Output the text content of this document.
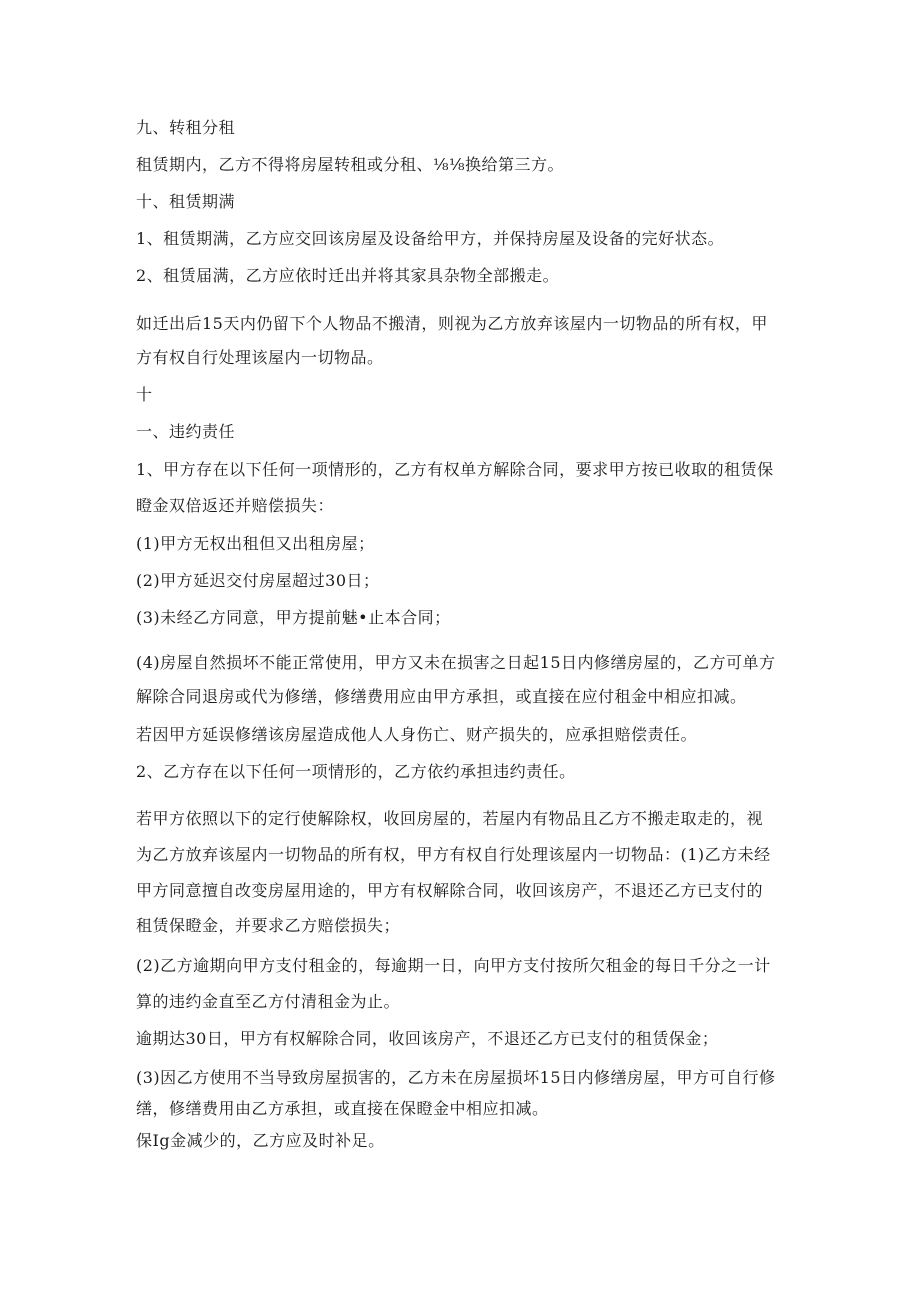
九、转租分租
租赁期内，乙方不得将房屋转租或分租、⅛⅛换给第三方。
十、租赁期满
1、租赁期满，乙方应交回该房屋及设备给甲方，并保持房屋及设备的完好状态。
2、租赁届满，乙方应依时迁出并将其家具杂物全部搬走。
如迁出后15天内仍留下个人物品不搬清，则视为乙方放弃该屋内一切物品的所有权，甲
方有权自行处理该屋内一切物品。
十
一、违约责任
1、甲方存在以下任何一项情形的，乙方有权单方解除合同，要求甲方按已收取的租赁保
瞪金双倍返还并赔偿损失：
(1)甲方无权出租但又出租房屋；
(2)甲方延迟交付房屋超过30日；
(3)未经乙方同意，甲方提前魅•止本合同；
(4)房屋自然损坏不能正常使用，甲方又未在损害之日起15日内修缮房屋的，乙方可单方
解除合同退房或代为修缮，修缮费用应由甲方承担，或直接在应付租金中相应扣减。
若因甲方延误修缮该房屋造成他人人身伤亡、财产损失的，应承担赔偿责任。
2、乙方存在以下任何一项情形的，乙方依约承担违约责任。
若甲方依照以下的定行使解除权，收回房屋的，若屋内有物品且乙方不搬走取走的，视
为乙方放弃该屋内一切物品的所有权，甲方有权自行处理该屋内一切物品：(1)乙方未经
甲方同意擅自改变房屋用途的，甲方有权解除合同，收回该房产，不退还乙方已支付的
租赁保瞪金，并要求乙方赔偿损失；
(2)乙方逾期向甲方支付租金的，每逾期一日，向甲方支付按所欠租金的每日千分之一计
算的违约金直至乙方付清租金为止。
逾期达30日，甲方有权解除合同，收回该房产，不退还乙方已支付的租赁保金；
(3)因乙方使用不当导致房屋损害的，乙方未在房屋损坏15日内修缮房屋，甲方可自行修
缮，修缮费用由乙方承担，或直接在保瞪金中相应扣减。
保Ig金减少的，乙方应及时补足。
